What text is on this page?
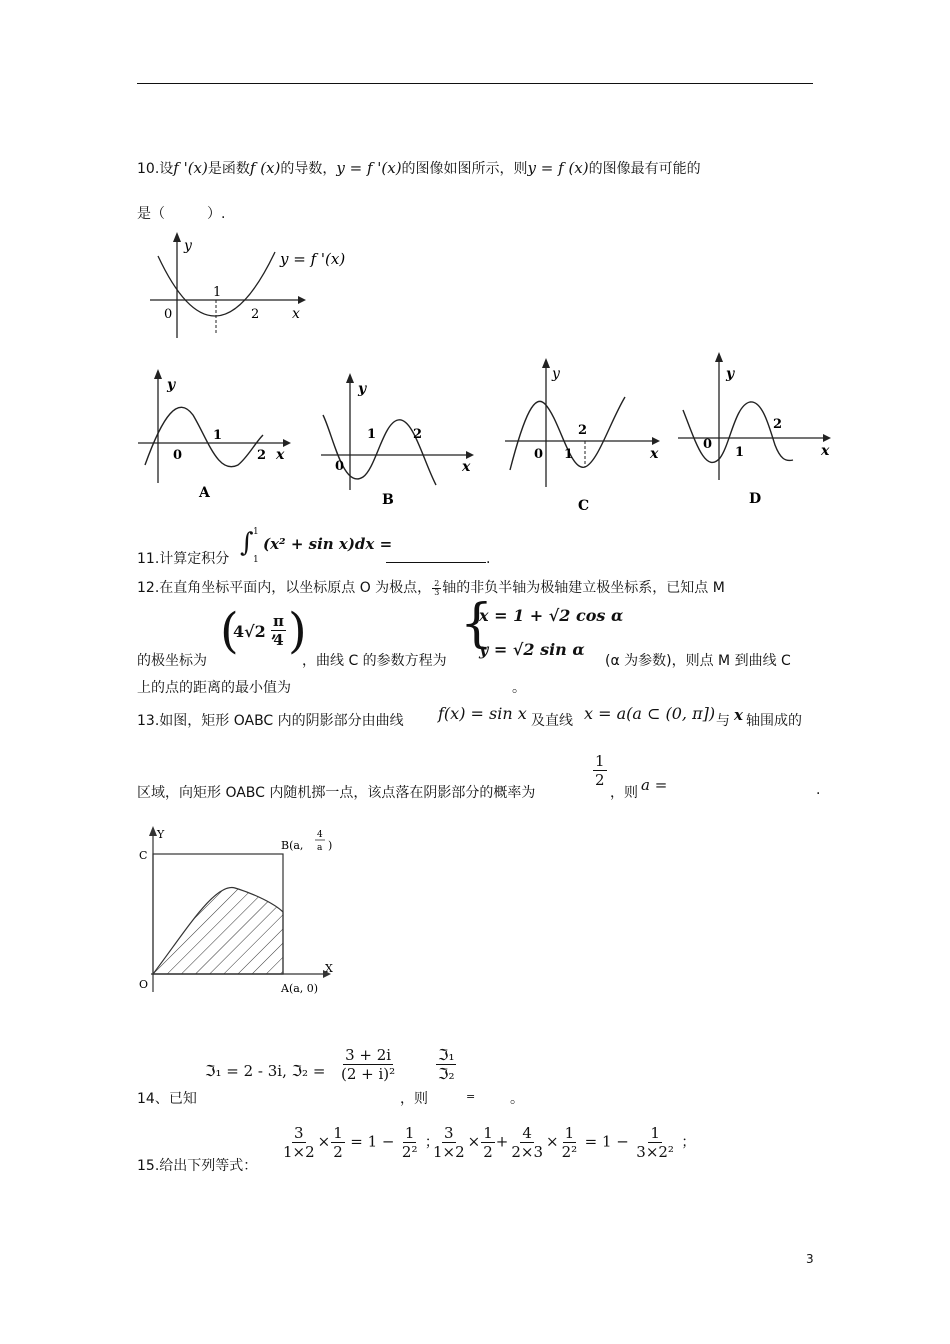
10.设f '(x)是函数f (x)的导数，y = f '(x)的图像如图所示，则y = f (x)的图像最有可能的
是（　　　）.
y
y = f '(x)
0
1
2 x
y
0
1
2 x
A
y
0
1	2
x
B
y
0 1
2
x
C
y
0
1
2
x
D
11.计算定积分
∫ 1
1
(x² + sin x)dx =
.
12.在直角坐标平面内，以坐标原点 O 为极点， $\frac{2}{3}$ 轴的非负半轴为极轴建立极坐标系，已知点 M
(
4√2 ,
$\frac{\pi}{4}$ )
的极坐标为	，曲线 C 的参数方程为
{
x = 1 + √2 cos α
y = √2 sin α
(α 为参数)，则点 M 到曲线 C
上的点的距离的最小值为	。
13.如图，矩形 OABC 内的阴影部分由曲线 f(x) = sin x 及直线 x = a(a ⊂ (0, π]) 与 x 轴围成的
区域，向矩形 OABC 内随机掷一点，该点落在阴影部分的概率为
$\frac{1}{2}$
，则 a =	.
Y
X
O
C
B(a,
4
a )
A(a, 0)
14、已知
ℑ₁ = 2 - 3i, ℑ₂ = $\frac{3 + 2i}{\text{(2 + i)²}}$
，则
$\frac{\text{ℑ₁}}{\text{ℑ₂}}$
= 。
15.给出下列等式：
$\frac{3}{1\times 2} \times \frac{1}{2} = 1 - \frac{1}{\text{2²}}$ ；
$\frac{3}{1\times 2} \times \frac{1}{2} + \frac{4}{2\times 3} \times \frac{1}{\text{2²}} = 1 - \frac{1}{\text{3×2²}}$ ；
3
